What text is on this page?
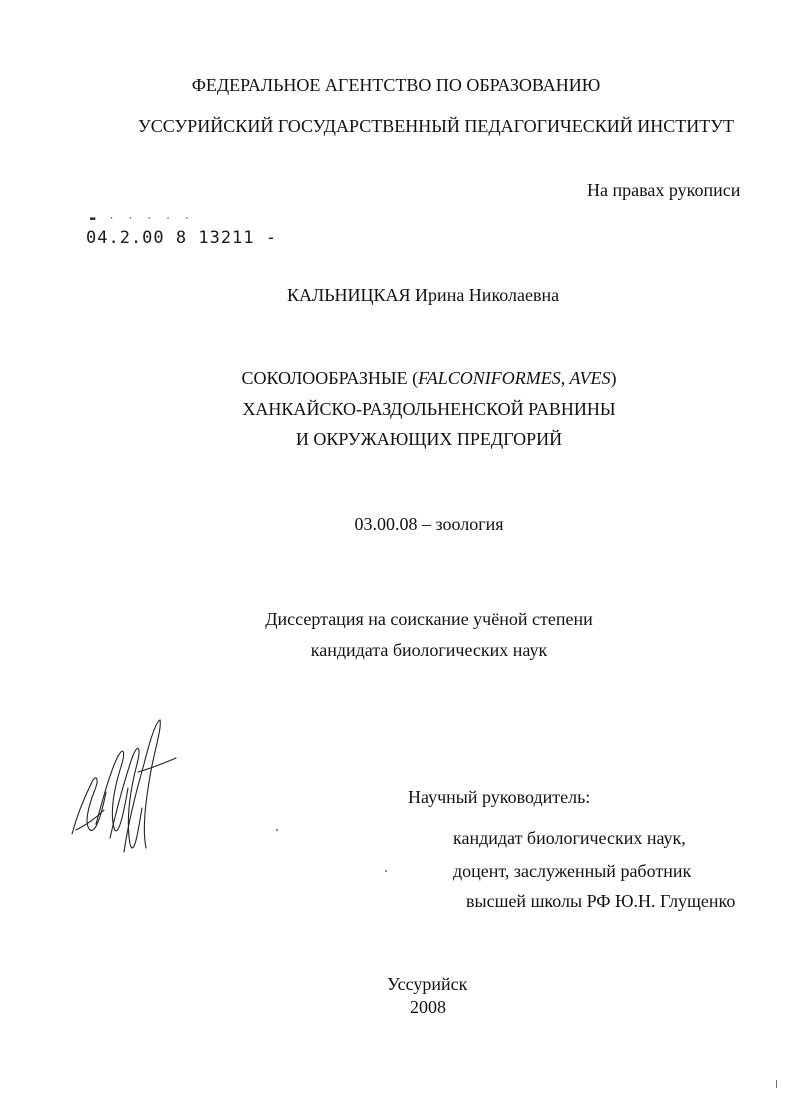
ФЕДЕРАЛЬНОЕ АГЕНТСТВО ПО ОБРАЗОВАНИЮ
УССУРИЙСКИЙ ГОСУДАРСТВЕННЫЙ ПЕДАГОГИЧЕСКИЙ ИНСТИТУТ
На правах рукописи
▬ · · · · ·
04.2.00 8 13211 -
КАЛЬНИЦКАЯ Ирина Николаевна
СОКОЛООБРАЗНЫЕ (FALCONIFORMES, AVES)
ХАНКАЙСКО-РАЗДОЛЬНЕНСКОЙ РАВНИНЫ
И ОКРУЖАЮЩИХ ПРЕДГОРИЙ
03.00.08 – зоология
Диссертация на соискание учёной степени
кандидата биологических наук
Научный руководитель:
кандидат биологических наук,
доцент, заслуженный работник
высшей школы РФ Ю.Н. Глущенко
Уссурийск
2008
